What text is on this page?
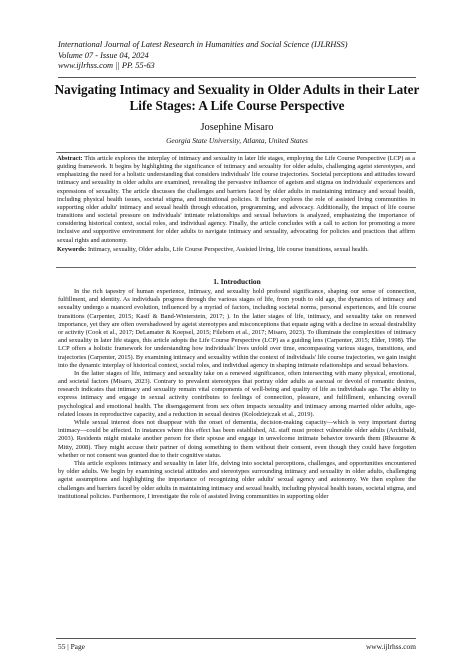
International Journal of Latest Research in Humanities and Social Science (IJLRHSS)
Volume 07 - Issue 04, 2024
www.ijlrhss.com || PP. 55-63
Navigating Intimacy and Sexuality in Older Adults in their Later Life Stages: A Life Course Perspective
Josephine Misaro
Georgia State University, Atlanta, United States

Abstract: This article explores the interplay of intimacy and sexuality in later life stages, employing the Life Course Perspective (LCP) as a guiding framework. It begins by highlighting the significance of intimacy and sexuality for older adults, challenging ageist stereotypes, and emphasizing the need for a holistic understanding that considers individuals' life course trajectories. Societal perceptions and attitudes toward intimacy and sexuality in older adults are examined, revealing the pervasive influence of ageism and stigma on individuals' experiences and expressions of sexuality. The article discusses the challenges and barriers faced by older adults in maintaining intimacy and sexual health, including physical health issues, societal stigma, and institutional policies. It further explores the role of assisted living communities in supporting older adults' intimacy and sexual health through education, programming, and advocacy. Additionally, the impact of life course transitions and societal pressure on individuals' intimate relationships and sexual behaviors is analyzed, emphasizing the importance of considering historical context, social roles, and individual agency. Finally, the article concludes with a call to action for promoting a more inclusive and supportive environment for older adults to navigate intimacy and sexuality, advocating for policies and practices that affirm sexual rights and autonomy.

Keywords: Intimacy, sexuality, Older adults, Life Course Perspective, Assisted living, life course transitions, sexual health.

1. Introduction

In the rich tapestry of human experience, intimacy, and sexuality hold profound significance, shaping our sense of connection, fulfillment, and identity. As individuals progress through the various stages of life, from youth to old age, the dynamics of intimacy and sexuality undergo a nuanced evolution, influenced by a myriad of factors, including societal norms, personal experiences, and life course transitions (Carpenter, 2015; Kasif & Band-Winterstein, 2017; ). In the latter stages of life, intimacy, and sexuality take on renewed importance, yet they are often overshadowed by ageist stereotypes and misconceptions that equate aging with a decline in sexual desirability or activity (Cook et al., 2017; DeLamater & Koepsel, 2015; Fileborn et al., 2017; Misaro, 2023). To illuminate the complexities of intimacy and sexuality in later life stages, this article adopts the Life Course Perspective (LCP) as a guiding lens (Carpenter, 2015; Elder, 1998). The LCP offers a holistic framework for understanding how individuals' lives unfold over time, encompassing various stages, transitions, and trajectories (Carpenter, 2015). By examining intimacy and sexuality within the context of individuals' life course trajectories, we gain insight into the dynamic interplay of historical context, social roles, and individual agency in shaping intimate relationships and sexual behaviors.

In the latter stages of life, intimacy and sexuality take on a renewed significance, often intersecting with many physical, emotional, and societal factors (Misaro, 2023). Contrary to prevalent stereotypes that portray older adults as asexual or devoid of romantic desires, research indicates that intimacy and sexuality remain vital components of well-being and quality of life as individuals age. The ability to express intimacy and engage in sexual activity contributes to feelings of connection, pleasure, and fulfillment, enhancing overall psychological and emotional health. The disengagement from sex often impacts sexuality and intimacy among married older adults, age-related losses in reproductive capacity, and a reduction in sexual desires (Kolodziejczak et al., 2019).

While sexual interest does not disappear with the onset of dementia, decision-making capacity—which is very important during intimacy—could be affected. In instances where this effect has been established, AL staff must protect vulnerable older adults (Archibald, 2003). Residents might mistake another person for their spouse and engage in unwelcome intimate behavior towards them (Rheaume & Mitty, 2008). They might accuse their partner of doing something to them without their consent, even though they could have forgotten whether or not consent was granted due to their cognitive status.

This article explores intimacy and sexuality in later life, delving into societal perceptions, challenges, and opportunities encountered by older adults. We begin by examining societal attitudes and stereotypes surrounding intimacy and sexuality in older adults, challenging ageist assumptions and highlighting the importance of recognizing older adults' sexual agency and autonomy. We then explore the challenges and barriers faced by older adults in maintaining intimacy and sexual health, including physical health issues, societal stigma, and institutional policies. Furthermore, I investigate the role of assisted living communities in supporting older

55 | Page	www.ijlrhss.com
